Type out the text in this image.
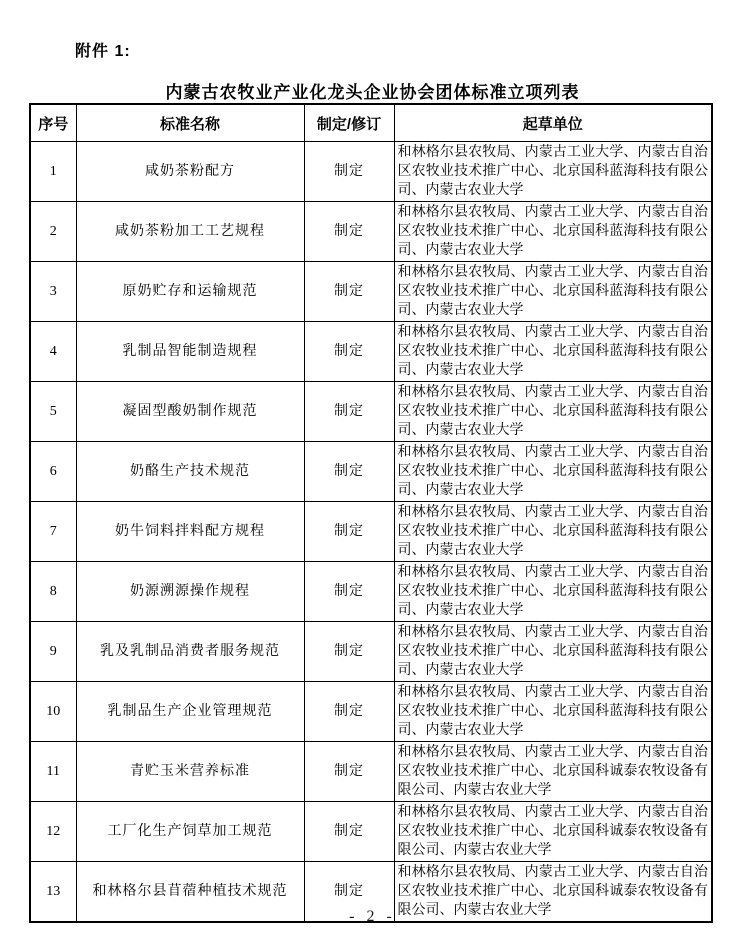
附件 1:
内蒙古农牧业产业化龙头企业协会团体标准立项列表
序号	标准名称	制定/修订	起草单位
1	咸奶茶粉配方	制定	和林格尔县农牧局、内蒙古工业大学、内蒙古自治区农牧业技术推广中心、北京国科蓝海科技有限公司、内蒙古农业大学
2	咸奶茶粉加工工艺规程	制定	和林格尔县农牧局、内蒙古工业大学、内蒙古自治区农牧业技术推广中心、北京国科蓝海科技有限公司、内蒙古农业大学
3	原奶贮存和运输规范	制定	和林格尔县农牧局、内蒙古工业大学、内蒙古自治区农牧业技术推广中心、北京国科蓝海科技有限公司、内蒙古农业大学
4	乳制品智能制造规程	制定	和林格尔县农牧局、内蒙古工业大学、内蒙古自治区农牧业技术推广中心、北京国科蓝海科技有限公司、内蒙古农业大学
5	凝固型酸奶制作规范	制定	和林格尔县农牧局、内蒙古工业大学、内蒙古自治区农牧业技术推广中心、北京国科蓝海科技有限公司、内蒙古农业大学
6	奶酪生产技术规范	制定	和林格尔县农牧局、内蒙古工业大学、内蒙古自治区农牧业技术推广中心、北京国科蓝海科技有限公司、内蒙古农业大学
7	奶牛饲料拌料配方规程	制定	和林格尔县农牧局、内蒙古工业大学、内蒙古自治区农牧业技术推广中心、北京国科蓝海科技有限公司、内蒙古农业大学
8	奶源溯源操作规程	制定	和林格尔县农牧局、内蒙古工业大学、内蒙古自治区农牧业技术推广中心、北京国科蓝海科技有限公司、内蒙古农业大学
9	乳及乳制品消费者服务规范	制定	和林格尔县农牧局、内蒙古工业大学、内蒙古自治区农牧业技术推广中心、北京国科蓝海科技有限公司、内蒙古农业大学
10	乳制品生产企业管理规范	制定	和林格尔县农牧局、内蒙古工业大学、内蒙古自治区农牧业技术推广中心、北京国科蓝海科技有限公司、内蒙古农业大学
11	青贮玉米营养标准	制定	和林格尔县农牧局、内蒙古工业大学、内蒙古自治区农牧业技术推广中心、北京国科诚泰农牧设备有限公司、内蒙古农业大学
12	工厂化生产饲草加工规范	制定	和林格尔县农牧局、内蒙古工业大学、内蒙古自治区农牧业技术推广中心、北京国科诚泰农牧设备有限公司、内蒙古农业大学
13	和林格尔县苜蓿种植技术规范	制定	和林格尔县农牧局、内蒙古工业大学、内蒙古自治区农牧业技术推广中心、北京国科诚泰农牧设备有限公司、内蒙古农业大学
- 2 -
